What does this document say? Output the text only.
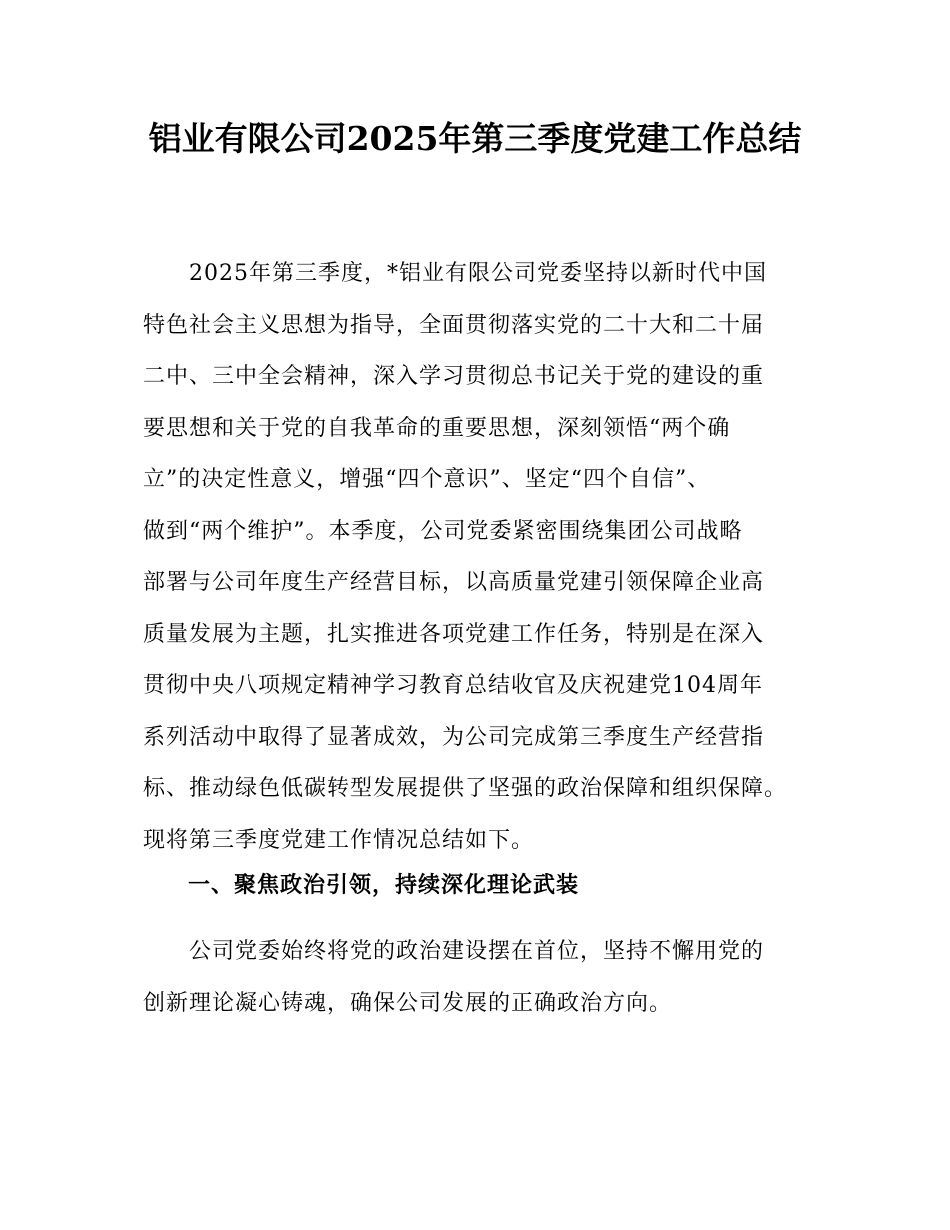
铝业有限公司2025年第三季度党建工作总结
2025年第三季度，*铝业有限公司党委坚持以新时代中国
特色社会主义思想为指导，全面贯彻落实党的二十大和二十届
二中、三中全会精神，深入学习贯彻总书记关于党的建设的重
要思想和关于党的自我革命的重要思想，深刻领悟“两个确
立”的决定性意义，增强“四个意识”、坚定“四个自信”、
做到“两个维护”。本季度，公司党委紧密围绕集团公司战略
部署与公司年度生产经营目标，以高质量党建引领保障企业高
质量发展为主题，扎实推进各项党建工作任务，特别是在深入
贯彻中央八项规定精神学习教育总结收官及庆祝建党104周年
系列活动中取得了显著成效，为公司完成第三季度生产经营指
标、推动绿色低碳转型发展提供了坚强的政治保障和组织保障。
现将第三季度党建工作情况总结如下。
一、聚焦政治引领，持续深化理论武装
公司党委始终将党的政治建设摆在首位，坚持不懈用党的
创新理论凝心铸魂，确保公司发展的正确政治方向。
